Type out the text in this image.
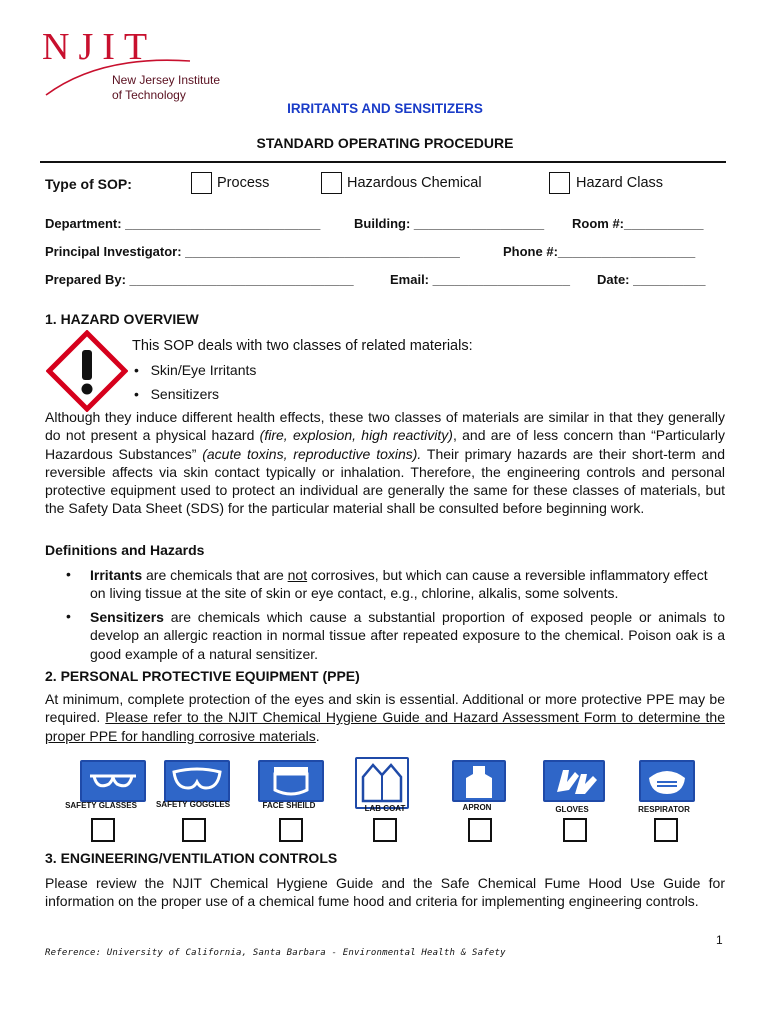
NJIT
New Jersey Institute
of Technology
IRRITANTS AND SENSITIZERS
STANDARD OPERATING PROCEDURE
Type of SOP:	Process	Hazardous Chemical	Hazard Class
Department: ___________________________	Building: __________________ Room #:___________
Principal Investigator: ______________________________________	Phone #:___________________
Prepared By: _______________________________	Email: ___________________ Date: __________
1. HAZARD OVERVIEW
This SOP deals with two classes of related materials:
•   Skin/Eye Irritants
•   Sensitizers

Although they induce different health effects, these two classes of materials are similar in that they generally do not present a physical hazard (fire, explosion, high reactivity), and are of less concern than “Particularly Hazardous Substances” (acute toxins, reproductive toxins). Their primary hazards are their short-term and reversible affects via skin contact typically or inhalation. Therefore, the engineering controls and personal protective equipment used to protect an individual are generally the same for these classes of materials, but the Safety Data Sheet (SDS) for the particular material shall be consulted before beginning work.

Definitions and Hazards
• Irritants are chemicals that are not corrosives, but which can cause a reversible inflammatory effect on living tissue at the site of skin or eye contact, e.g., chlorine, alkalis, some solvents.

• Sensitizers are chemicals which cause a substantial proportion of exposed people or animals to develop an allergic reaction in normal tissue after repeated exposure to the chemical. Poison oak is a good example of a natural sensitizer.

2. PERSONAL PROTECTIVE EQUIPMENT (PPE)

At minimum, complete protection of the eyes and skin is essential. Additional or more protective PPE may be required. Please refer to the NJIT Chemical Hygiene Guide and Hazard Assessment Form to determine the proper PPE for handling corrosive materials.

SAFETY GLASSES	SAFETY GOGGLES	FACE SHEILD	LAB COAT	APRON	GLOVES	RESPIRATOR
3. ENGINEERING/VENTILATION CONTROLS

Please review the NJIT Chemical Hygiene Guide and the Safe Chemical Fume Hood Use Guide for information on the proper use of a chemical fume hood and criteria for implementing engineering controls.

1
Reference: University of California, Santa Barbara - Environmental Health & Safety
